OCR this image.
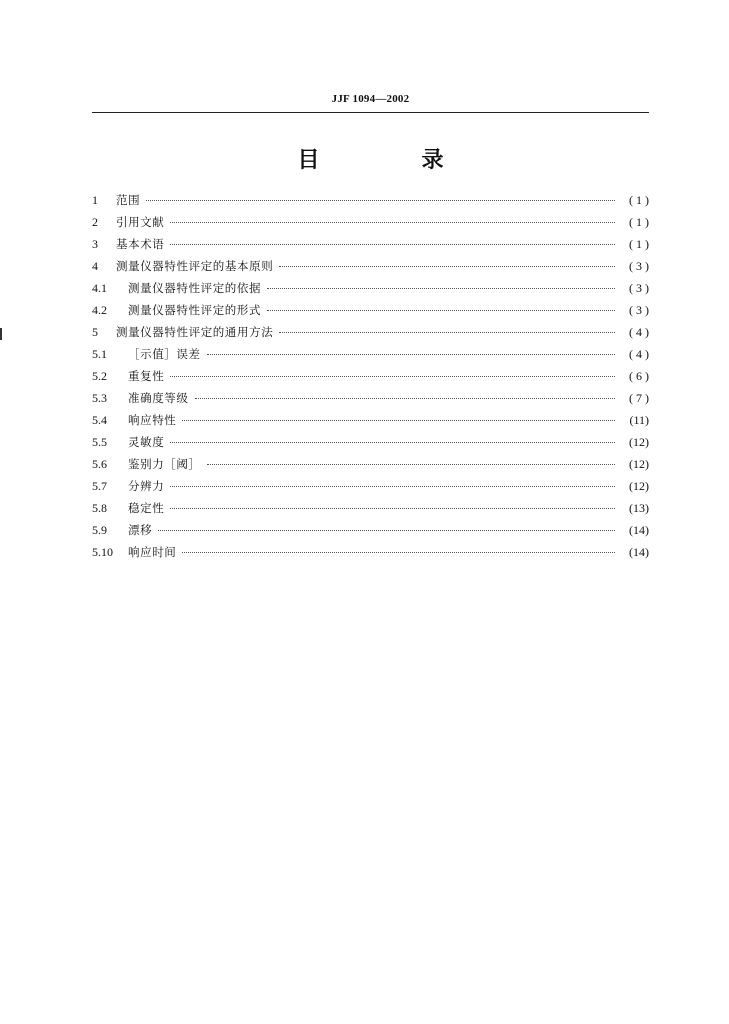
JJF 1094—2002
目　录
1	范围	( 1 )
2	引用文献	( 1 )
3	基本术语	( 1 )
4	测量仪器特性评定的基本原则	( 3 )
4.1	测量仪器特性评定的依据	( 3 )
4.2	测量仪器特性评定的形式	( 3 )
5	测量仪器特性评定的通用方法	( 4 )
5.1	［示值］误差	( 4 )
5.2	重复性	( 6 )
5.3	准确度等级	( 7 )
5.4	响应特性	(11)
5.5	灵敏度	(12)
5.6	鉴别力［阈］	(12)
5.7	分辨力	(12)
5.8	稳定性	(13)
5.9	漂移	(14)
5.10	响应时间	(14)
